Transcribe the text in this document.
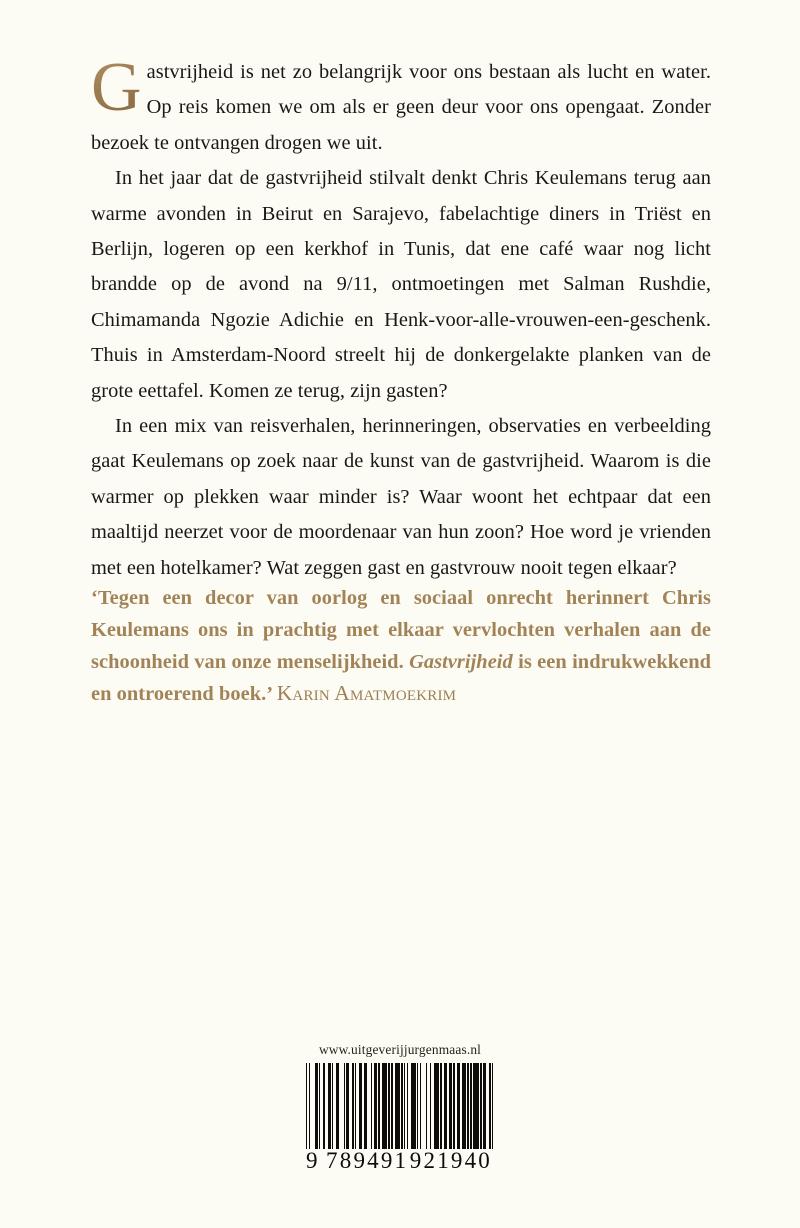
G astvrijheid is net zo belangrijk voor ons bestaan als lucht en water. Op reis komen we om als er geen deur voor ons opengaat. Zonder bezoek te ontvangen drogen we uit.

In het jaar dat de gastvrijheid stilvalt denkt Chris Keulemans terug aan warme avonden in Beirut en Sarajevo, fabelachtige diners in Triëst en Berlijn, logeren op een kerkhof in Tunis, dat ene café waar nog licht brandde op de avond na 9/11, ontmoetingen met Salman Rushdie, Chimamanda Ngozie Adichie en Henk-voor-alle-vrouwen-een-geschenk. Thuis in Amsterdam-Noord streelt hij de donkergelakte planken van de grote eettafel. Komen ze terug, zijn gasten?

In een mix van reisverhalen, herinneringen, observaties en verbeelding gaat Keulemans op zoek naar de kunst van de gastvrijheid. Waarom is die warmer op plekken waar minder is? Waar woont het echtpaar dat een maaltijd neerzet voor de moordenaar van hun zoon? Hoe word je vrienden met een hotelkamer? Wat zeggen gast en gastvrouw nooit tegen elkaar?

‘Tegen een decor van oorlog en sociaal onrecht herinnert Chris Keulemans ons in prachtig met elkaar vervlochten verhalen aan de schoonheid van onze menselijkheid. Gastvrijheid is een indrukwekkend en ontroerend boek.’ Karin Amatmoekrim
www.uitgeverijjurgenmaas.nl
9 789491 921940
